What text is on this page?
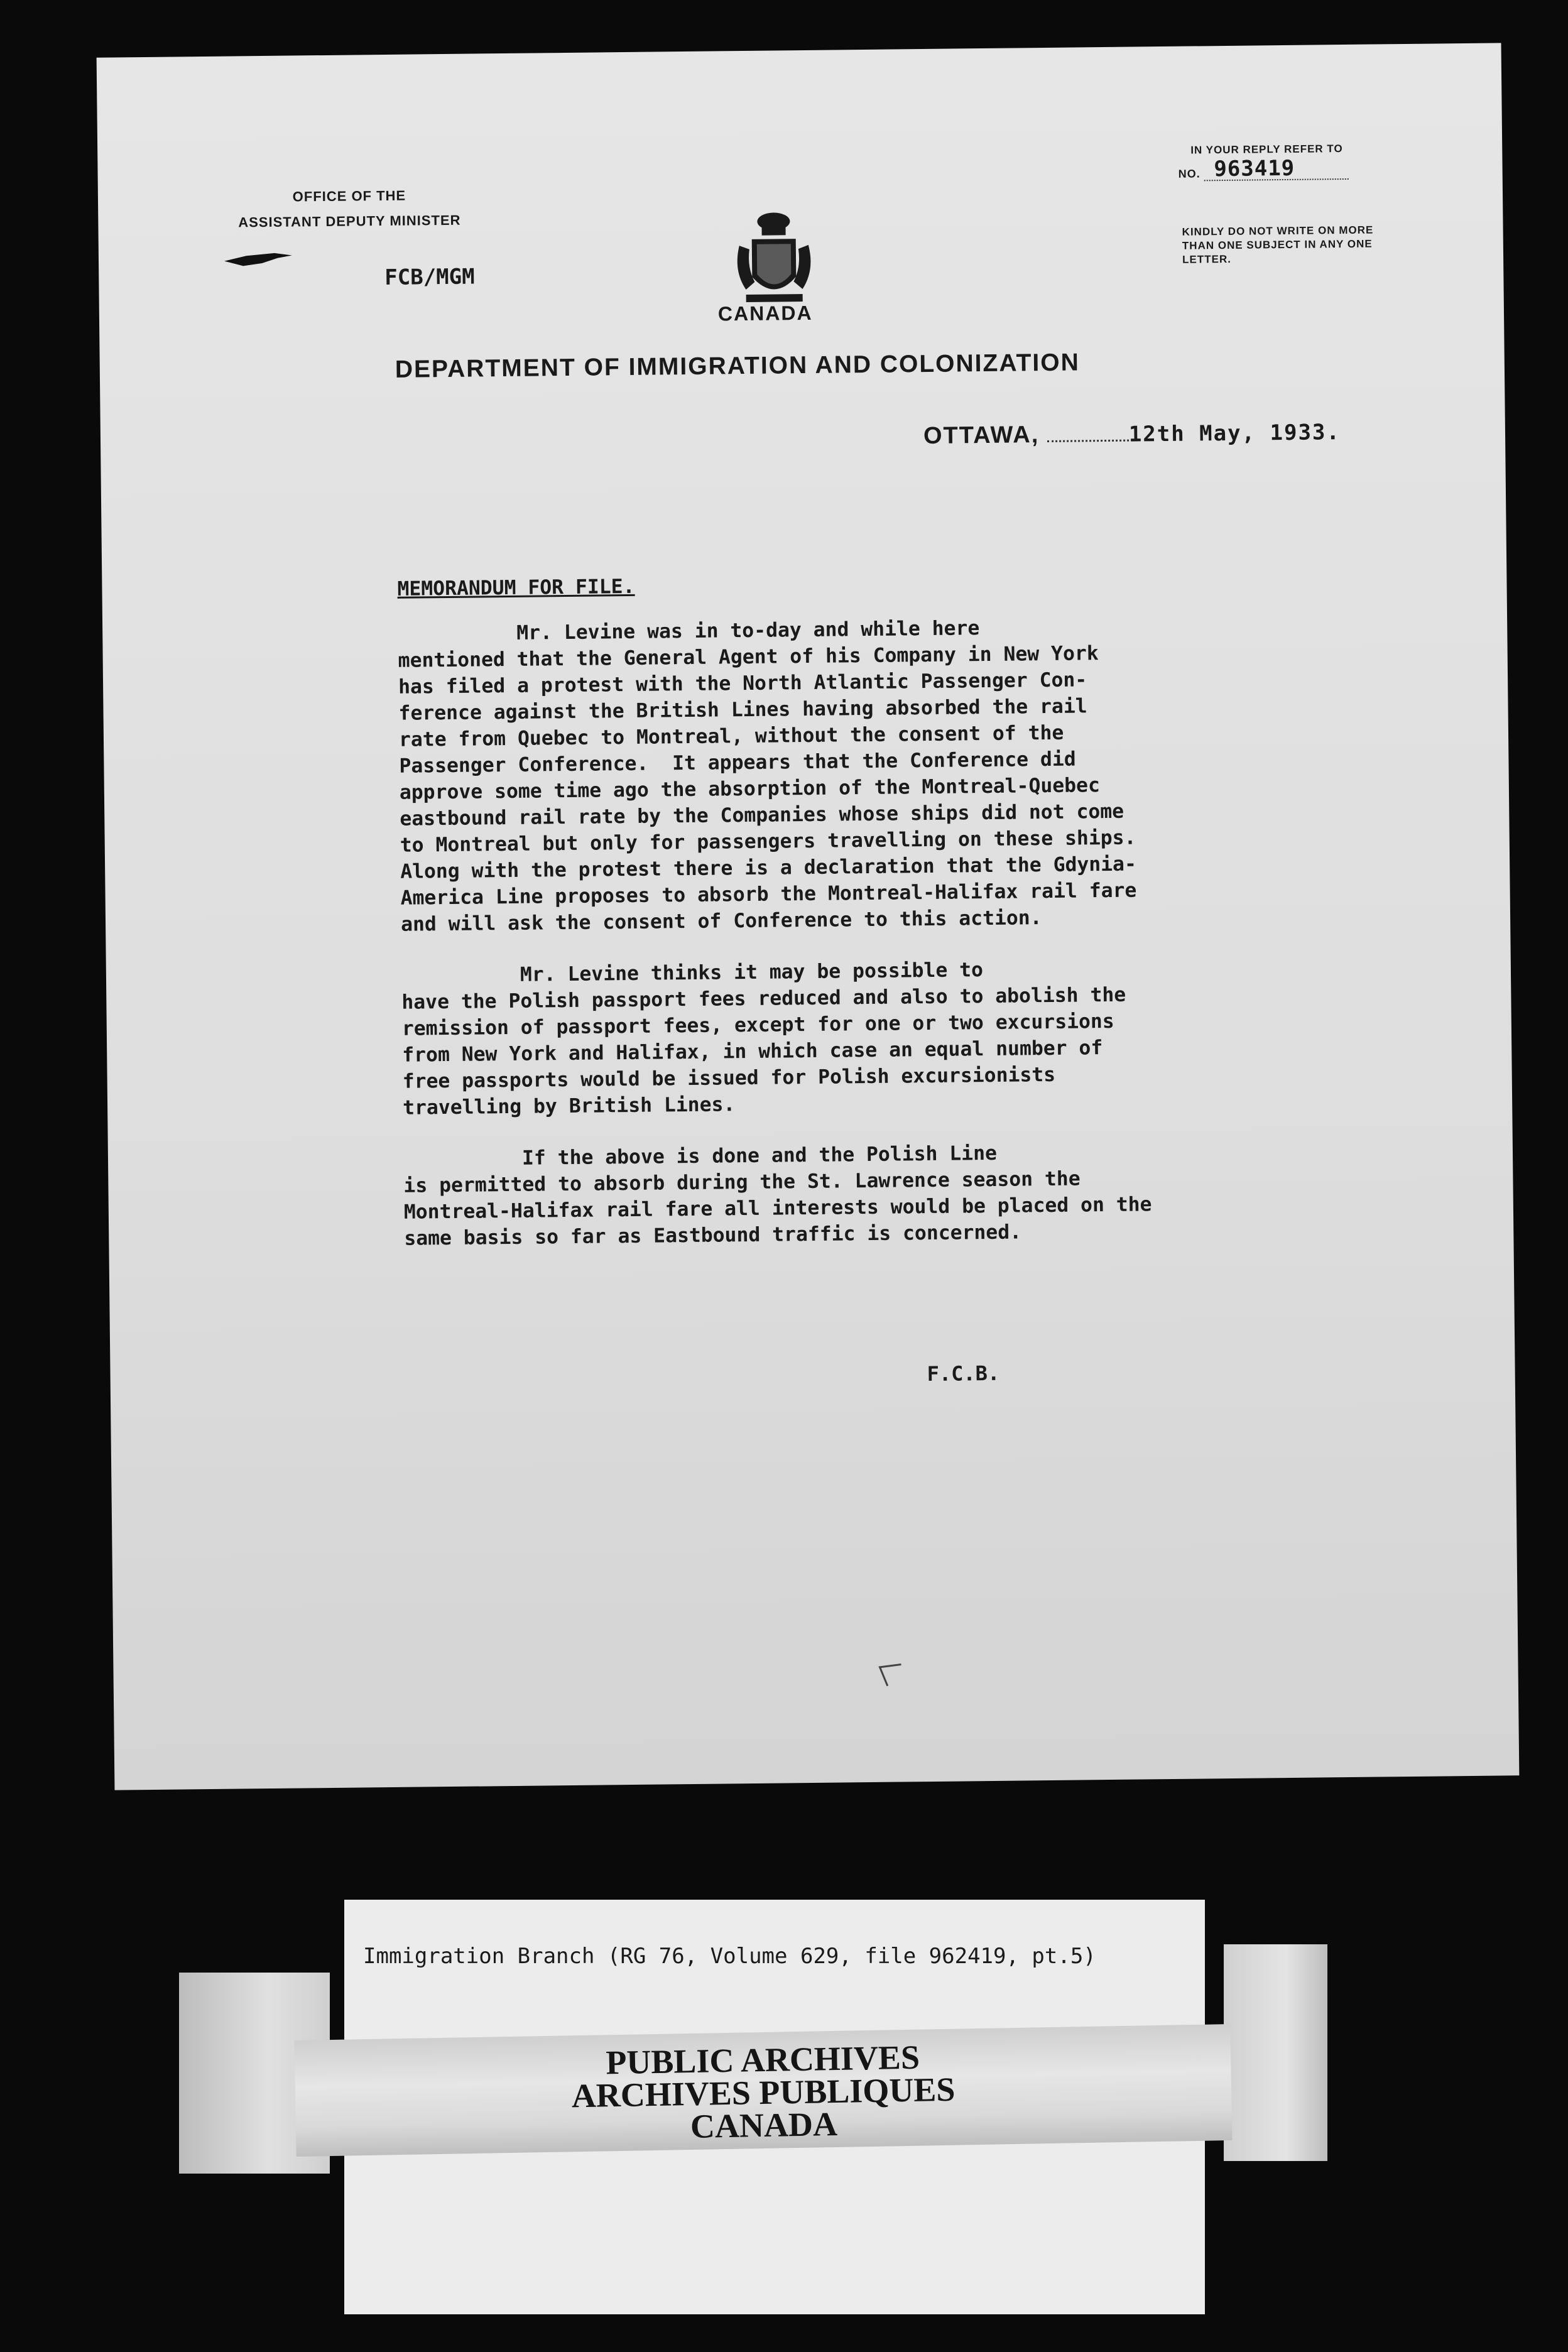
OFFICE OF THE
ASSISTANT DEPUTY MINISTER
FCB/MGM
CANADA
IN YOUR REPLY REFER TO
NO. 963419
KINDLY DO NOT WRITE ON MORE THAN ONE SUBJECT IN ANY ONE LETTER.
DEPARTMENT OF IMMIGRATION AND COLONIZATION
OTTAWA,	12th May, 1933.
MEMORANDUM FOR FILE.
Mr. Levine was in to-day and while here
mentioned that the General Agent of his Company in New York
has filed a protest with the North Atlantic Passenger Con-
ference against the British Lines having absorbed the rail
rate from Quebec to Montreal, without the consent of the
Passenger Conference.  It appears that the Conference did
approve some time ago the absorption of the Montreal-Quebec
eastbound rail rate by the Companies whose ships did not come
to Montreal but only for passengers travelling on these ships.
Along with the protest there is a declaration that the Gdynia-
America Line proposes to absorb the Montreal-Halifax rail fare
and will ask the consent of Conference to this action.
Mr. Levine thinks it may be possible to
have the Polish passport fees reduced and also to abolish the
remission of passport fees, except for one or two excursions
from New York and Halifax, in which case an equal number of
free passports would be issued for Polish excursionists
travelling by British Lines.
If the above is done and the Polish Line
is permitted to absorb during the St. Lawrence season the
Montreal-Halifax rail fare all interests would be placed on the
same basis so far as Eastbound traffic is concerned.
F.C.B.
Immigration Branch (RG 76, Volume 629, file 962419, pt.5)
PUBLIC ARCHIVES
ARCHIVES PUBLIQUES
CANADA
